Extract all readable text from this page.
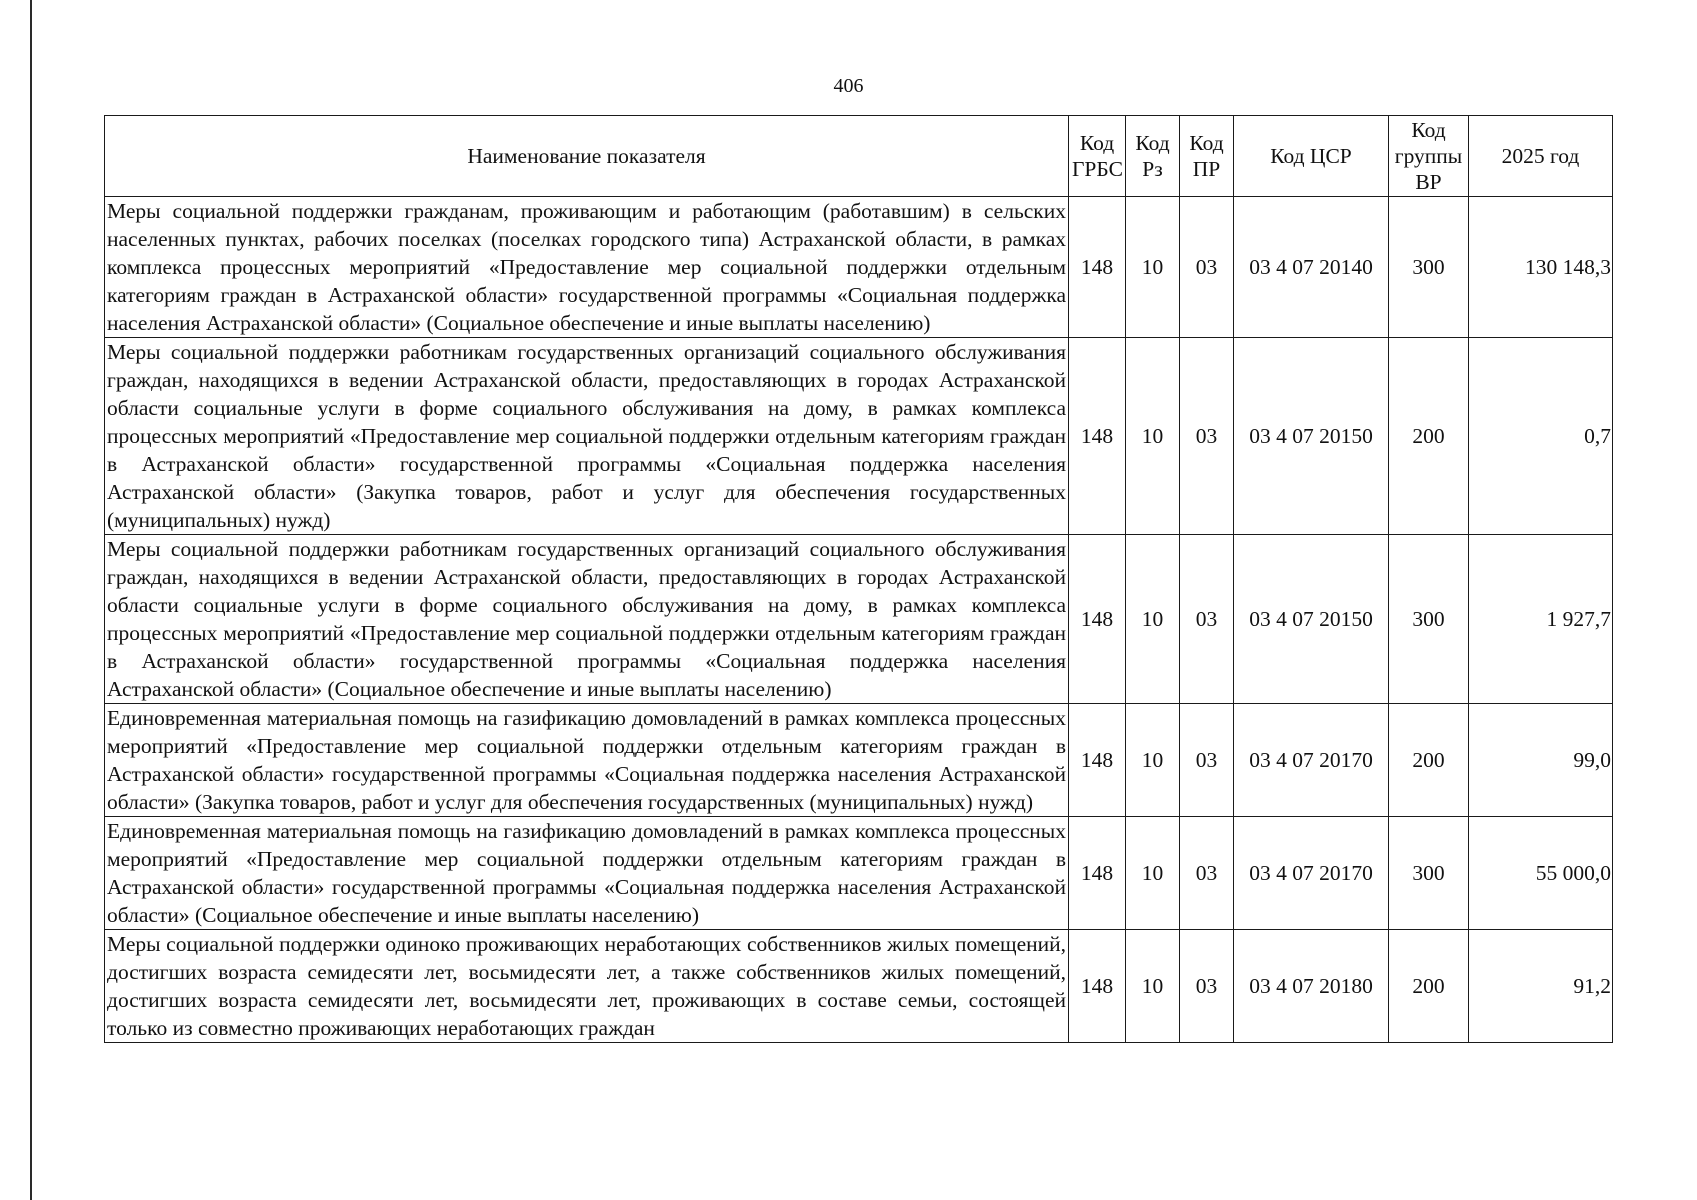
406
Наименование показателя	Код ГРБС	Код Рз	Код ПР	Код ЦСР	Код группы ВР	2025 год
Меры социальной поддержки гражданам, проживающим и работающим (работавшим) в сельских населенных пунктах, рабочих поселках (поселках городского типа) Астраханской области, в рамках комплекса процессных мероприятий «Предоставление мер социальной поддержки отдельным категориям граждан в Астраханской области» государственной программы «Социальная поддержка населения Астраханской области» (Социальное обеспечение и иные выплаты населению)	148	10	03	03 4 07 20140	300	130 148,3
Меры социальной поддержки работникам государственных организаций социального обслуживания граждан, находящихся в ведении Астраханской области, предоставляющих в городах Астраханской области социальные услуги в форме социального обслуживания на дому, в рамках комплекса процессных мероприятий «Предоставление мер социальной поддержки отдельным категориям граждан в Астраханской области» государственной программы «Социальная поддержка населения Астраханской области» (Закупка товаров, работ и услуг для обеспечения государственных (муниципальных) нужд)	148	10	03	03 4 07 20150	200	0,7
Меры социальной поддержки работникам государственных организаций социального обслуживания граждан, находящихся в ведении Астраханской области, предоставляющих в городах Астраханской области социальные услуги в форме социального обслуживания на дому, в рамках комплекса процессных мероприятий «Предоставление мер социальной поддержки отдельным категориям граждан в Астраханской области» государственной программы «Социальная поддержка населения Астраханской области» (Социальное обеспечение и иные выплаты населению)	148	10	03	03 4 07 20150	300	1 927,7
Единовременная материальная помощь на газификацию домовладений в рамках комплекса процессных мероприятий «Предоставление мер социальной поддержки отдельным категориям граждан в Астраханской области» государственной программы «Социальная поддержка населения Астраханской области» (Закупка товаров, работ и услуг для обеспечения государственных (муниципальных) нужд)	148	10	03	03 4 07 20170	200	99,0
Единовременная материальная помощь на газификацию домовладений в рамках комплекса процессных мероприятий «Предоставление мер социальной поддержки отдельным категориям граждан в Астраханской области» государственной программы «Социальная поддержка населения Астраханской области» (Социальное обеспечение и иные выплаты населению)	148	10	03	03 4 07 20170	300	55 000,0

Меры социальной поддержки одиноко проживающих неработающих собственников жилых помещений, достигших возраста семидесяти лет, восьмидесяти лет, а также собственников жилых помещений, достигших возраста семидесяти лет, восьмидесяти лет, проживающих в составе семьи, состоящей только из совместно проживающих неработающих граждан	148	10	03	03 4 07 20180	200	91,2
